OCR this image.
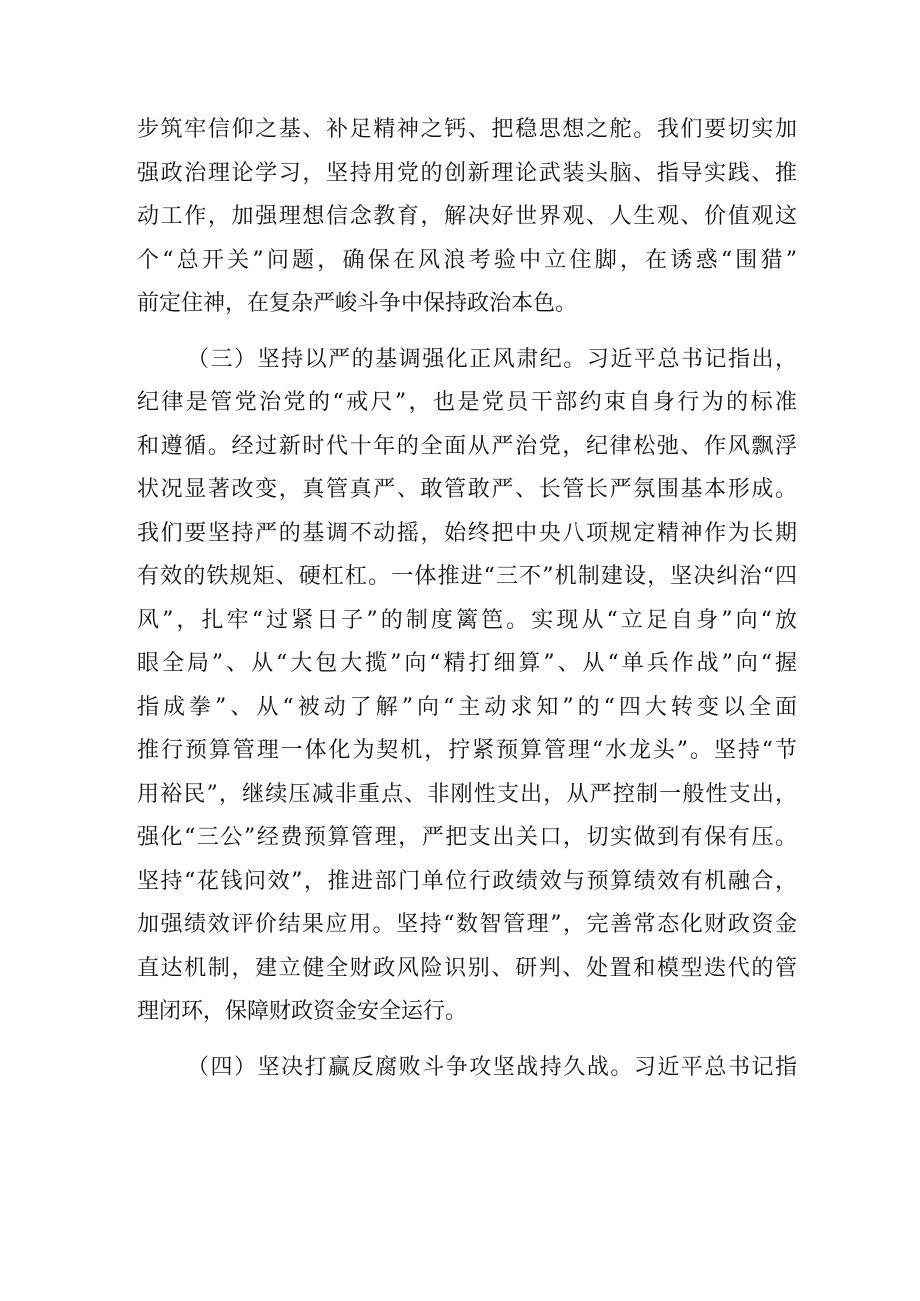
步筑牢信仰之基、补足精神之钙、把稳思想之舵。我们要切实加
强政治理论学习，坚持用党的创新理论武装头脑、指导实践、推
动工作，加强理想信念教育，解决好世界观、人生观、价值观这
个“总开关”问题，确保在风浪考验中立住脚，在诱惑“围猎”
前定住神，在复杂严峻斗争中保持政治本色。
（三）坚持以严的基调强化正风肃纪。习近平总书记指出，
纪律是管党治党的“戒尺”，也是党员干部约束自身行为的标准
和遵循。经过新时代十年的全面从严治党，纪律松弛、作风飘浮
状况显著改变，真管真严、敢管敢严、长管长严氛围基本形成。
我们要坚持严的基调不动摇，始终把中央八项规定精神作为长期
有效的铁规矩、硬杠杠。一体推进“三不”机制建设，坚决纠治“四
风”，扎牢“过紧日子”的制度篱笆。实现从“立足自身”向“放
眼全局”、从“大包大揽”向“精打细算”、从“单兵作战”向“握
指成拳”、从“被动了解”向“主动求知”的“四大转变以全面
推行预算管理一体化为契机，拧紧预算管理“水龙头”。坚持“节
用裕民”，继续压减非重点、非刚性支出，从严控制一般性支出，
强化“三公”经费预算管理，严把支出关口，切实做到有保有压。
坚持“花钱问效”，推进部门单位行政绩效与预算绩效有机融合，
加强绩效评价结果应用。坚持“数智管理”，完善常态化财政资金
直达机制，建立健全财政风险识别、研判、处置和模型迭代的管
理闭环，保障财政资金安全运行。
（四）坚决打赢反腐败斗争攻坚战持久战。习近平总书记指
